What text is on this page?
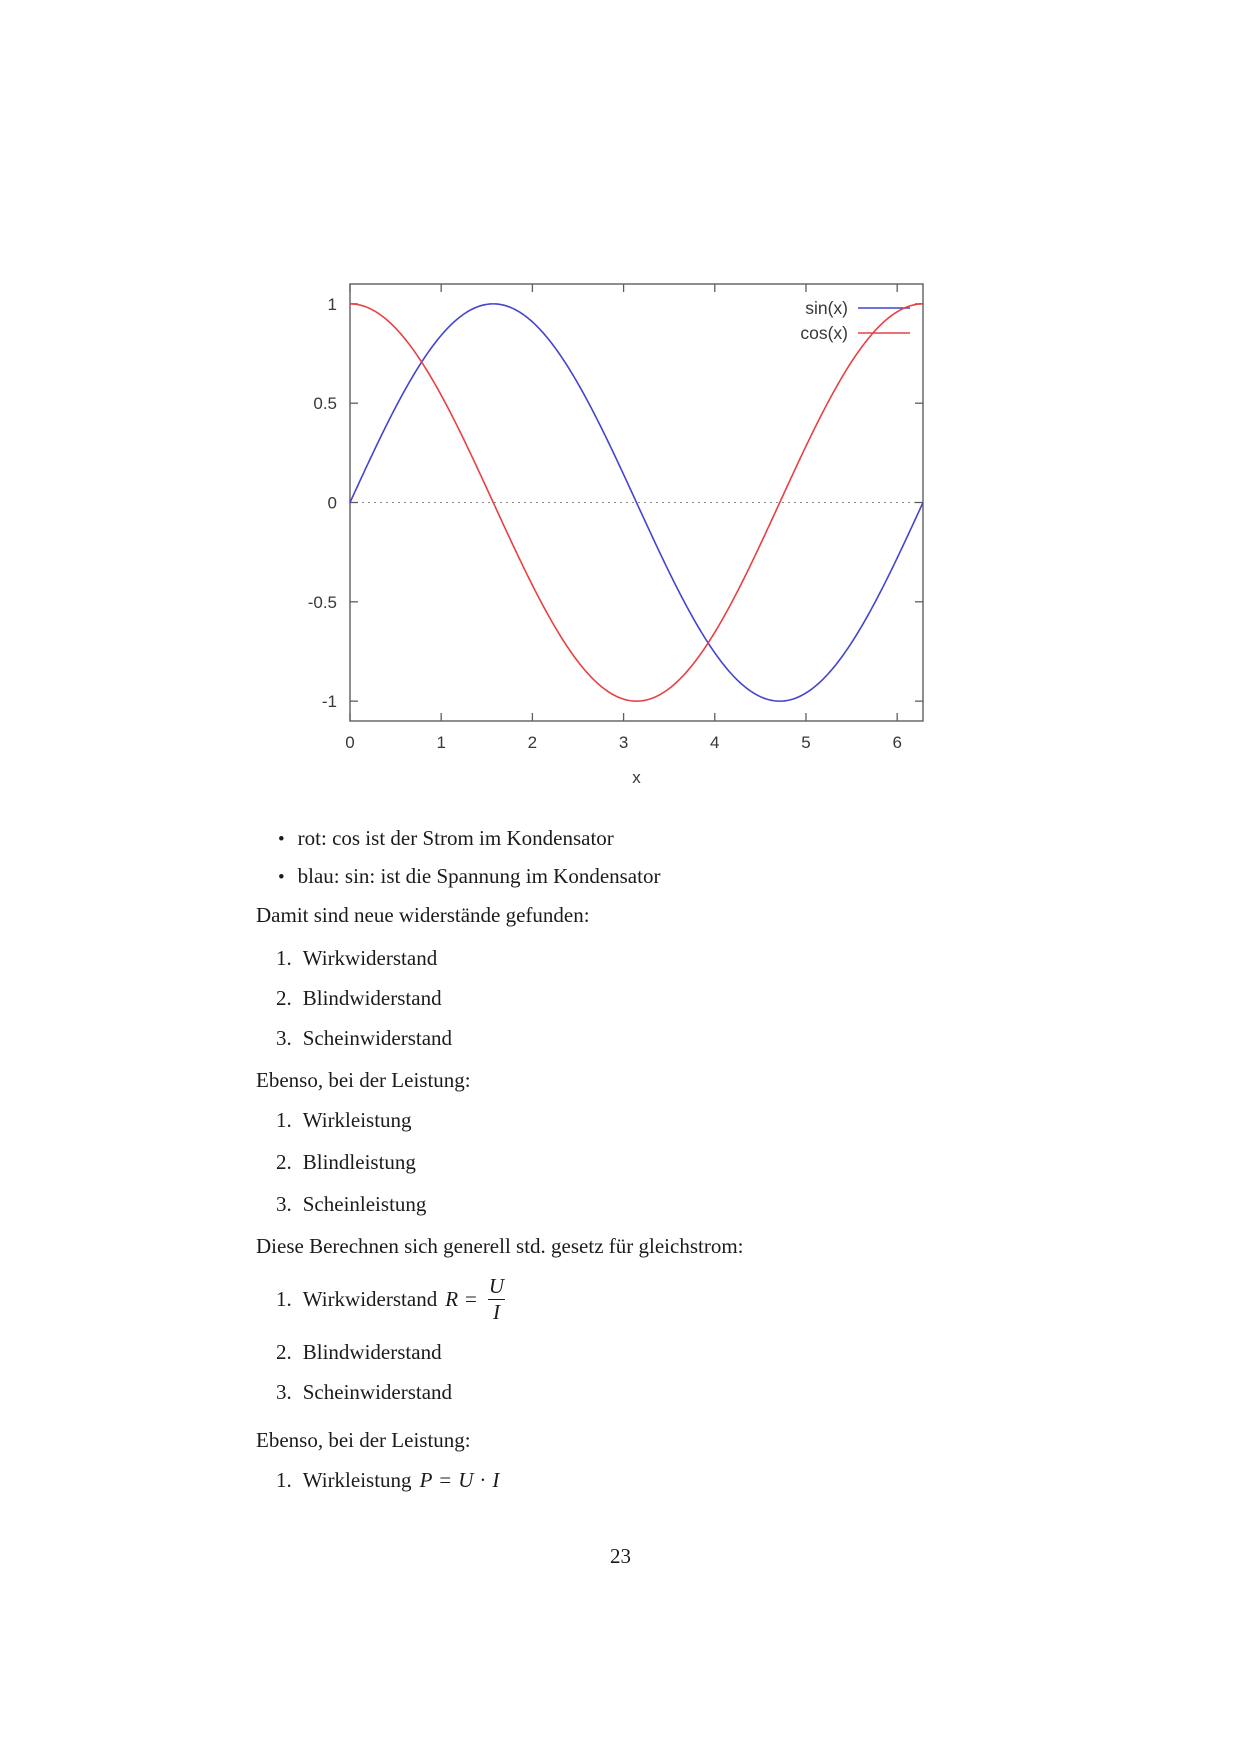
0	1	2	3	4	5	6
-1
-0.5
0
0.5
1
x
sin(x)
cos(x)
• rot: cos ist der Strom im Kondensator
• blau: sin: ist die Spannung im Kondensator
Damit sind neue widerstände gefunden:
1. Wirkwiderstand
2. Blindwiderstand
3. Scheinwiderstand
Ebenso, bei der Leistung:
1. Wirkleistung
2. Blindleistung
3. Scheinleistung
Diese Berechnen sich generell std. gesetz für gleichstrom:
1. Wirkwiderstand $R = \frac{U}{I}$
2. Blindwiderstand
3. Scheinwiderstand
Ebenso, bei der Leistung:
1. Wirkleistung P = U · I
23
